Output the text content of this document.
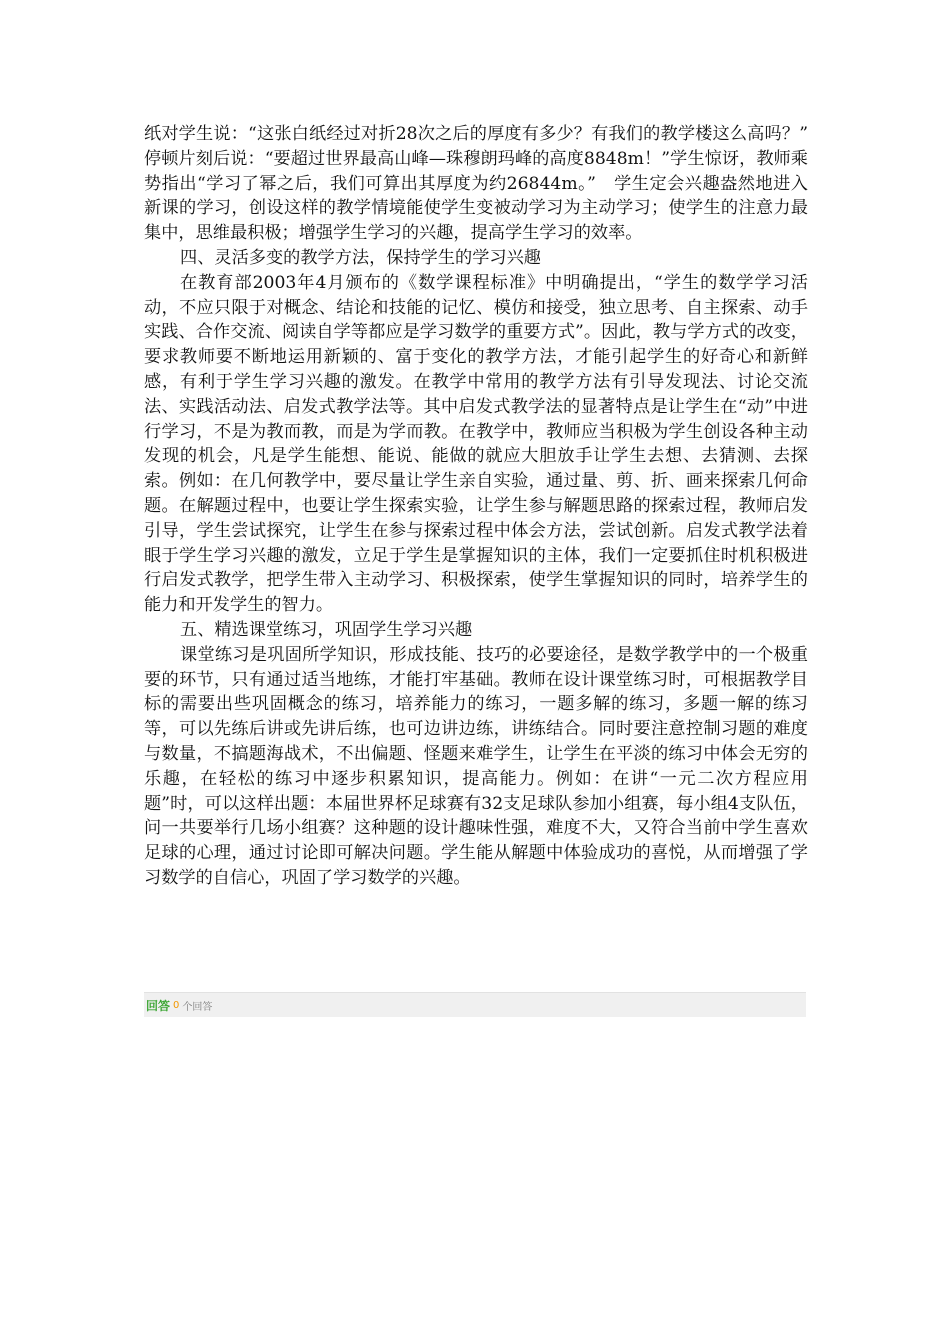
纸对学生说：“这张白纸经过对折28次之后的厚度有多少？有我们的教学楼这么高吗？”　停顿片刻后说：“要超过世界最高山峰—珠穆朗玛峰的高度8848m！”学生惊讶，教师乘势指出“学习了幂之后，我们可算出其厚度为约26844m。”　学生定会兴趣盎然地进入新课的学习，创设这样的教学情境能使学生变被动学习为主动学习；使学生的注意力最集中，思维最积极；增强学生学习的兴趣，提高学生学习的效率。

四、灵活多变的教学方法，保持学生的学习兴趣

在教育部2003年4月颁布的《数学课程标准》中明确提出，“学生的数学学习活动，不应只限于对概念、结论和技能的记忆、模仿和接受，独立思考、自主探索、动手实践、合作交流、阅读自学等都应是学习数学的重要方式”。因此，教与学方式的改变，要求教师要不断地运用新颖的、富于变化的教学方法，才能引起学生的好奇心和新鲜感，有利于学生学习兴趣的激发。在教学中常用的教学方法有引导发现法、讨论交流法、实践活动法、启发式教学法等。其中启发式教学法的显著特点是让学生在“动”中进行学习，不是为教而教，而是为学而教。在教学中，教师应当积极为学生创设各种主动发现的机会，凡是学生能想、能说、能做的就应大胆放手让学生去想、去猜测、去探索。例如：在几何教学中，要尽量让学生亲自实验，通过量、剪、折、画来探索几何命题。在解题过程中，也要让学生探索实验，让学生参与解题思路的探索过程，教师启发引导，学生尝试探究，让学生在参与探索过程中体会方法，尝试创新。启发式教学法着眼于学生学习兴趣的激发，立足于学生是掌握知识的主体，我们一定要抓住时机积极进行启发式教学，把学生带入主动学习、积极探索，使学生掌握知识的同时，培养学生的能力和开发学生的智力。

五、精选课堂练习，巩固学生学习兴趣

课堂练习是巩固所学知识，形成技能、技巧的必要途径，是数学教学中的一个极重要的环节，只有通过适当地练，才能打牢基础。教师在设计课堂练习时，可根据教学目标的需要出些巩固概念的练习，培养能力的练习，一题多解的练习，多题一解的练习等，可以先练后讲或先讲后练，也可边讲边练，讲练结合。同时要注意控制习题的难度与数量，不搞题海战术，不出偏题、怪题来难学生，让学生在平淡的练习中体会无穷的乐趣，在轻松的练习中逐步积累知识，提高能力。例如：在讲“一元二次方程应用题”时，可以这样出题：本届世界杯足球赛有32支足球队参加小组赛，每小组4支队伍，问一共要举行几场小组赛？这种题的设计趣味性强，难度不大，又符合当前中学生喜欢足球的心理，通过讨论即可解决问题。学生能从解题中体验成功的喜悦，从而增强了学习数学的自信心，巩固了学习数学的兴趣。

回答 0 个回答
